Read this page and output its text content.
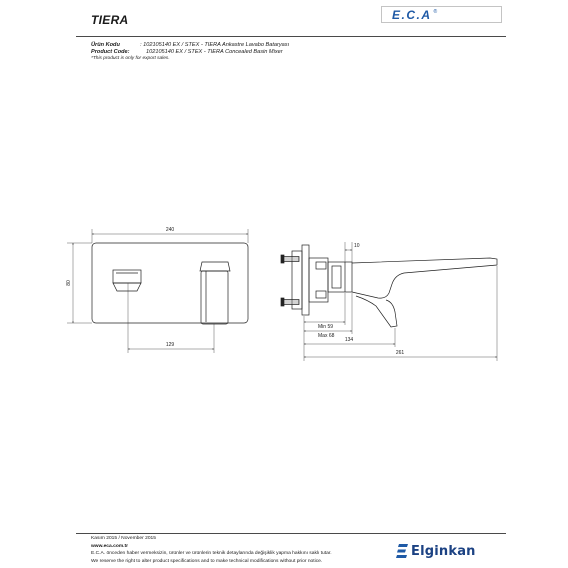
TIERA	E.C.A ®
Ürün Kodu	: 102105140 EX / STEX - TIERA Ankastre Lavabo Bataryası
Product Code:	102105140 EX / STEX - TIERA Concealed Basin Mixer
*This product is only for export sales.
240
80
129
10
Min 59
Max 68
134
261
Kasım 2015 / November 2015
www.eca.com.tr
E.C.A. önceden haber vermeksizin, ürünler ve ürünlerin teknik detaylarında değişiklik yapma hakkını saklı tutar.
We reserve the right to alter product specifications and to make technical modifications without prior notice.
Elginkan
